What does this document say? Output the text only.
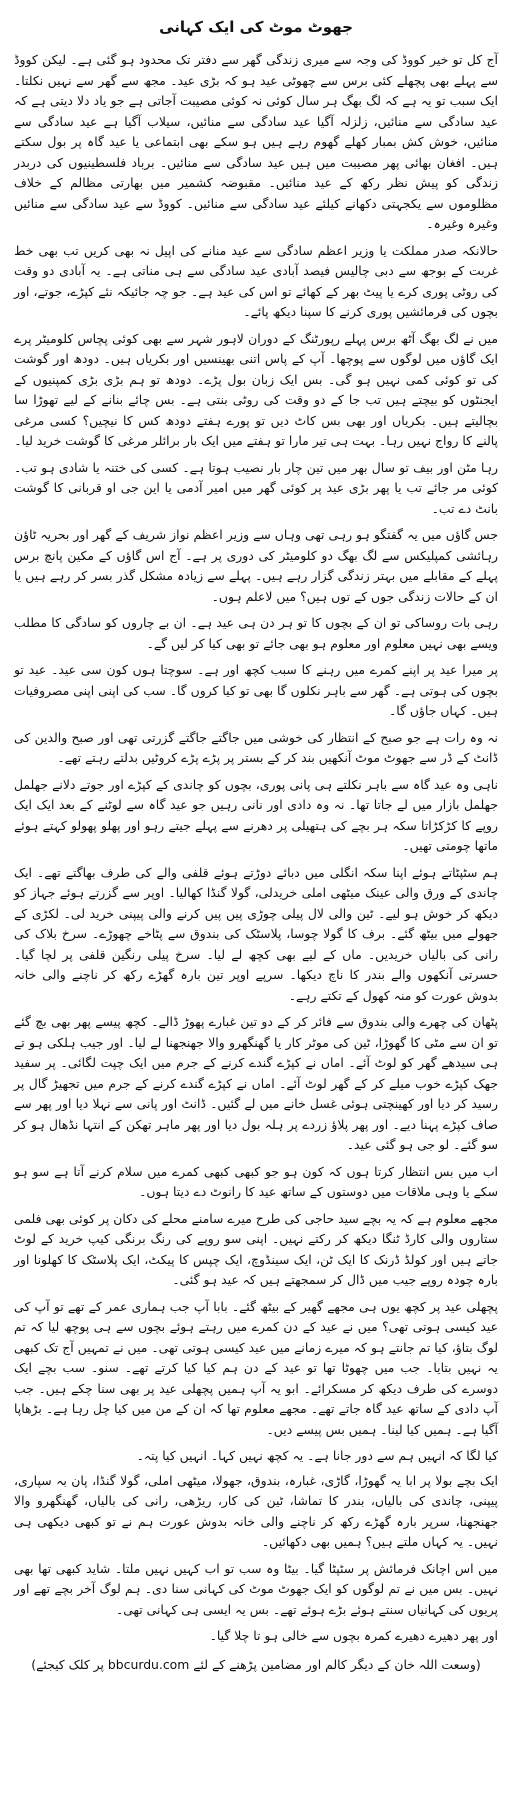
جھوٹ موٹ کی ایک کہانی

آج کل تو خیر کووڈ کی وجہ سے میری زندگی گھر سے دفتر تک محدود ہو گئی ہے۔ لیکن کووڈ سے پہلے بھی پچھلے کئی برس سے چھوٹی عید ہو کہ بڑی عید۔ مجھ سے گھر سے نہیں نکلتا۔ ایک سبب تو یہ ہے کہ لگ بھگ ہر سال کوئی نہ کوئی مصیبت آجاتی ہے جو یاد دلا دیتی ہے کہ عید سادگی سے منائیں، زلزلہ آگیا عید سادگی سے منائیں، سیلاب آگیا ہے عید سادگی سے منائیں، خوش کش بمبار کھلے گھوم رہے ہیں ہو سکے بھی ابتماعی یا عید گاہ پر بول سکتے ہیں۔ افغان بھائی پھر مصیبت میں ہیں عید سادگی سے منائیں۔ برباد فلسطینیوں کی دربدر زندگی کو پیش نظر رکھ کے عید منائیں۔ مقبوضہ کشمیر میں بھارتی مظالم کے خلاف مظلوموں سے یکجہتی دکھانے کیلئے عید سادگی سے منائیں۔ کووڈ سے عید سادگی سے منائیں وغیرہ وغیرہ۔

حالانکہ صدر مملکت یا وزیر اعظم سادگی سے عید منانے کی اپیل نہ بھی کریں تب بھی خط غربت کے بوجھ سے دبی چالیس فیصد آبادی عید سادگی سے ہی مناتی ہے۔ یہ آبادی دو وقت کی روٹی پوری کرے یا پیٹ بھر کے کھائے تو اس کی عید ہے۔ جو چہ جائیکہ نئے کپڑے، جوتے، اور بچوں کی فرمائشیں پوری کرنے کا سپنا دیکھ پائے۔

میں نے لگ بھگ آٹھ برس پہلے رپورٹنگ کے دوران لاہور شہر سے بھی کوئی پچاس کلومیٹر پرے ایک گاؤں میں لوگوں سے پوچھا۔ آپ کے پاس اتنی بھینسیں اور بکریاں ہیں۔ دودھ اور گوشت کی تو کوئی کمی نہیں ہو گی۔ بس ایک زبان بول پڑے۔ دودھ تو ہم بڑی بڑی کمپنیوں کے ایجنٹوں کو بیچتے ہیں تب جا کے دو وقت کی روٹی بنتی ہے۔ بس چائے بنانے کے لیے تھوڑا سا بچالیتے ہیں۔ بکریاں اور بھی بس کاٹ دیں تو پورے ہفتے دودھ کس کا نیچیں؟ کسی مرغی پالنے کا رواج نہیں رہا۔ بہت ہی تیر مارا تو ہفتے میں ایک بار برائلر مرغی کا گوشت خرید لیا۔

رہا مٹن اور بیف تو سال بھر میں تین چار بار نصیب ہوتا ہے۔ کسی کی ختنہ یا شادی ہو تب۔ کوئی مر جائے تب یا پھر بڑی عید پر کوئی گھر میں امیر آدمی یا این جی او قربانی کا گوشت بانٹ دے تب۔

جس گاؤں میں یہ گفتگو ہو رہی تھی وہاں سے وزیر اعظم نواز شریف کے گھر اور بحریہ ٹاؤن رہائشی کمپلیکس سے لگ بھگ دو کلومیٹر کی دوری پر ہے۔ آج اس گاؤں کے مکین پانچ برس پہلے کے مقابلے میں بہتر زندگی گزار رہے ہیں۔ پہلے سے زیادہ مشکل گذر بسر کر رہے ہیں یا ان کے حالات زندگی جوں کے توں ہیں؟ میں لاعلم ہوں۔

رہی بات روساکی تو ان کے بچوں کا تو ہر دن ہی عید ہے۔ ان بے چاروں کو سادگی کا مطلب ویسے بھی نہیں معلوم اور معلوم ہو بھی جائے تو بھی کیا کر لیں گے۔

پر میرا عید پر اپنے کمرے میں رہنے کا سبب کچھ اور ہے۔ سوچتا ہوں کون سی عید۔ عید تو بچوں کی ہوتی ہے۔ گھر سے باہر نکلوں گا بھی تو کیا کروں گا۔ سب کی اپنی اپنی مصروفیات ہیں۔ کہاں جاؤں گا۔

نہ وہ رات ہے جو صبح کے انتظار کی خوشی میں جاگتے جاگتے گزرتی تھی اور صبح والدین کی ڈانٹ کے ڈر سے جھوٹ موٹ آنکھیں بند کر کے بستر پر پڑے پڑے کروٹیں بدلتے رہتے تھے۔

ناہی وہ عید گاہ سے باہر نکلتے ہی پانی پوری، بچوں کو چاندی کے کپڑے اور جوتے دلانے جھلمل جھلمل بازار میں لے جاتا تھا۔ نہ وہ دادی اور نانی رہیں جو عید گاہ سے لوٹنے کے بعد ایک ایک روپے کا کڑکڑاتا سکہ ہر بچے کی ہتھیلی پر دھرنے سے پہلے جیتے رہو اور پھلو پھولو کہتے ہوئے ماتھا چومتی تھیں۔

ہم سٹپٹاتے ہوئے اپنا سکہ انگلی میں دبائے دوڑتے ہوئے قلفی والے کی طرف بھاگتے تھے۔ ایک چاندی کے ورق والی عینک میٹھی املی خریدلی، گولا گنڈا کھالیا۔ اوپر سے گزرتے ہوئے جہاز کو دیکھ کر خوش ہو لیے۔ ٹین والی لال پیلی چوڑی پیں پیں کرنے والی پیپنی خرید لی۔ لکڑی کے جھولے میں بیٹھ گئے۔ برف کا گولا چوسا، پلاسٹک کی بندوق سے پٹاخے چھوڑے۔ سرخ بلاک کی رانی کی بالیاں خریدیں۔ ماں کے لیے بھی کچھ لے لیا۔ سرخ پیلی رنگین قلفی پر لچا گیا۔ حسرتی آنکھوں والے بندر کا ناچ دیکھا۔ سرپے اوپر تین بارہ گھڑے رکھ کر ناچنے والی خانہ بدوش عورت کو منہ کھول کے تکتے رہے۔

پٹھان کی چھرے والی بندوق سے فائر کر کے دو تین غبارے پھوڑ ڈالے۔ کچھ پیسے پھر بھی بچ گئے تو ان سے مٹی کا گھوڑا، ٹین کی موٹر کار یا گھنگھرو والا جھنجھنا لے لیا۔ اور جیب ہلکی ہو تے ہی سیدھے گھر کو لوٹ آئے۔ اماں نے کپڑے گندے کرنے کے جرم میں ایک چپت لگائی۔ پر سفید جھک کپڑے خوب میلے کر کے گھر لوٹ آئے۔ اماں نے کپڑے گندے کرنے کے جرم میں تجھیڑ گال پر رسید کر دیا اور کھینچتی ہوئی غسل خانے میں لے گئیں۔ ڈانٹ اور پانی سے نہلا دیا اور پھر سے صاف کپڑے پہنا دیے۔ اور پھر پلاؤ زردے پر ہلہ بول دیا اور پھر ماہر تھکن کے انتہا نڈھال ہو کر سو گئے۔ لو جی ہو گئی عید۔

اب میں بس انتظار کرتا ہوں کہ کون ہو جو کبھی کبھی کمرے میں سلام کرنے آتا ہے سو ہو سکے یا وہی ملاقات میں دوستوں کے ساتھ عید کا رانوٹ دے دیتا ہوں۔

مجھے معلوم ہے کہ یہ بچے سید حاجی کی طرح میرے سامنے محلے کی دکان پر کوئی بھی فلمی ستاروں والی کارڈ ٹنگا دیکھ کر رکتے نہیں۔ اپنی سو روپے کی رنگ برنگی کیپ خرید کے لوٹ جاتے ہیں اور کولڈ ڈرنک کا ایک ٹن، ایک سینڈوچ، ایک چپس کا پیکٹ، ایک پلاسٹک کا کھلونا اور بارہ چودہ روپے جیب میں ڈال کر سمجھتے ہیں کہ عید ہو گئی۔

پچھلی عید پر کچھ یوں ہی مجھے گھیر کے بیٹھ گئے۔ بابا آپ جب ہماری عمر کے تھے تو آپ کی عید کیسی ہوتی تھی؟ میں نے عید کے دن کمرے میں رہتے ہوئے بچوں سے ہی پوچھ لیا کہ تم لوگ بتاؤ، کیا تم جانتے ہو کہ میرے زمانے میں عید کیسی ہوتی تھی۔ میں نے تمہیں آج تک کبھی یہ نہیں بتایا۔ جب میں چھوٹا تھا تو عید کے دن ہم کیا کیا کرتے تھے۔ سنو۔ سب بچے ایک دوسرے کی طرف دیکھ کر مسکرائے۔ ابو یہ آپ ہمیں پچھلی عید پر بھی سنا چکے ہیں۔ جب آپ دادی کے ساتھ عید گاہ جاتے تھے۔ مجھے معلوم تھا کہ ان کے من میں کیا چل رہا ہے۔ بڑھاپا آگیا ہے۔ ہمیں کیا لینا۔ ہمیں بس پیسے دیں۔

کیا لگا کہ انہیں ہم سے دور جانا ہے۔ یہ کچھ نہیں کہا۔ انہیں کیا پتہ۔

ایک بچے بولا پر ابا یہ گھوڑا، گاڑی، غبارہ، بندوق، جھولا، میٹھی املی، گولا گنڈا، پان بہ سپاری، پیپنی، چاندی کی بالیاں، بندر کا تماشا، ٹین کی کار، ریڑھی، رانی کی بالیاں، گھنگھرو والا جھنجھنا، سرپر بارہ گھڑے رکھ کر ناچنے والی خانہ بدوش عورت ہم نے تو کبھی دیکھی ہی نہیں۔ یہ کہاں ملتے ہیں؟ ہمیں بھی دکھائیں۔

میں اس اچانک فرمائش پر سٹپٹا گیا۔ بیٹا وہ سب تو اب کہیں نہیں ملتا۔ شاید کبھی تھا بھی نہیں۔ بس میں نے تم لوگوں کو ایک جھوٹ موٹ کی کہانی سنا دی۔ ہم لوگ آخر بچے تھے اور پریوں کی کہانیاں سنتے ہوئے بڑے ہوئے تھے۔ بس یہ ایسی ہی کہانی تھی۔

اور پھر دھیرے دھیرے کمرہ بچوں سے خالی ہو تا چلا گیا۔

(وسعت اللہ خان کے دیگر کالم اور مضامین پڑھنے کے لئے bbcurdu.com پر کلک کیجئے)
